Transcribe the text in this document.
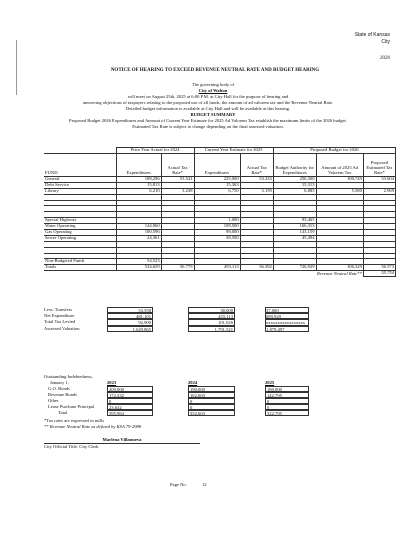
State of Kansas
City
2026
NOTICE OF HEARING TO EXCEED REVENUE NEUTRAL RATE AND BUDGET HEARING
The governing body of
City of Walton
will meet on August 25th, 2025 at 6:00 P.M. at City Hall for the purpose of hearing and
answering objections of taxpayers relating to the proposed use of all funds, the amount of ad valorem tax and the Revenue Neutral Rate.
Detailed budget information is available at City Hall and will be available at this hearing.
BUDGET SUMMARY
Proposed Budget 2026 Expenditures and Amount of Current Year Estimate for 2025 Ad Valorem Tax establish the maximum limits of the 2026 budget.
Estimated Tax Rate is subject to change depending on the final assessed valuation.
	Prior Year Actual for 2024		Current Year Estimate for 2025		Proposed Budget for 2026		
FUND	Expenditures	Actual Tax Rate*	Expenditures	Actual Tax Rate*	Budget Authority for Expenditures	Amount of 2025 Ad Valorem Tax	Proposed Estimated Tax Rate*
General	188,296	53.541	225,000	53.233	256,300	100,749	53.604
Debt Service	15,813		15,363		15,313		
Library	6,210	3.238	6,750	3.159	6,885	5,580	2.969

Special Highway			1,000		93,465		
Water Operating	144,860		108,500		166,313		
Gas Operating	100,596		98,000		143,159		
Sewer Operating	24,361		38,500		45,494		

Non-Budgeted Funds	54,523						
Totals	534,659	56.779	493,113	56.392	726,929	106,329	56.573
						Revenue Neutral Rate**	55.754
Less: Transfers	53,558	38,000	37,000
Net Expenditure	481,101	455,113	689,929
Total Tax Levied	92,900	101,026	xxxxxxxxxxxxxxxxx
Assessed Valuation	1,629,865	1,791,521	1,879,497
Outstanding Indebtedness,
January 1,	2023	2024	2025
G.O. Bonds	200,000	190,000	180,000
Revenue Bonds	172,332	162,603	142,795
Other	0	0	0
Lease Purchase Principal	23,632	0	0
Total	395,964	352,603	322,795
*Tax rates are expressed in mills
** Revenue Neutral Rate as defined by KSA 79-2988
Marlena Villanueva
City Official Title: City Clerk
Page No.	12
